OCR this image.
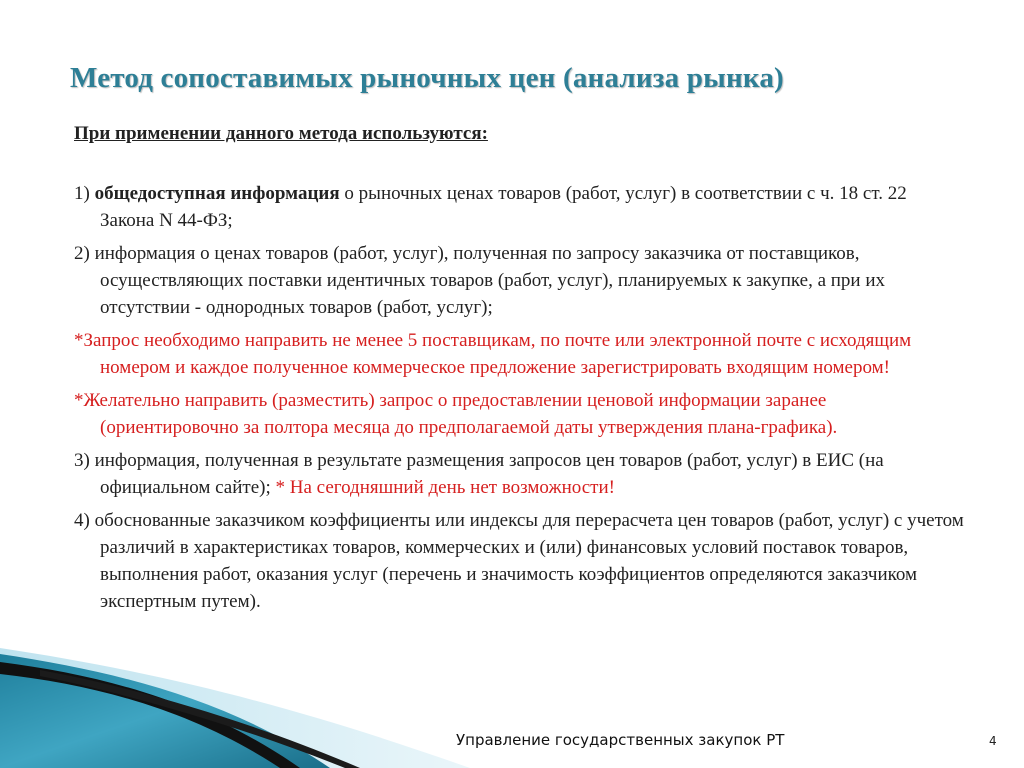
Метод сопоставимых рыночных цен (анализа рынка)
При применении данного метода используются:
1) общедоступная информация о рыночных ценах товаров (работ, услуг) в соответствии с ч. 18 ст. 22 Закона N 44-ФЗ;
2) информация о ценах товаров (работ, услуг), полученная по запросу заказчика от поставщиков, осуществляющих поставки идентичных товаров (работ, услуг), планируемых к закупке, а при их отсутствии - однородных товаров (работ, услуг);
*Запрос необходимо направить не менее 5 поставщикам, по почте или электронной почте с исходящим номером и каждое полученное коммерческое предложение зарегистрировать входящим номером!
*Желательно направить (разместить) запрос о предоставлении ценовой информации заранее (ориентировочно за полтора месяца до предполагаемой даты утверждения плана-графика).
3) информация, полученная в результате размещения запросов цен товаров (работ, услуг) в ЕИС (на официальном сайте); * На сегодняшний день нет возможности!
4) обоснованные заказчиком коэффициенты или индексы для перерасчета цен товаров (работ, услуг) с учетом различий в характеристиках товаров, коммерческих и (или) финансовых условий поставок товаров, выполнения работ, оказания услуг (перечень и значимость коэффициентов определяются заказчиком экспертным путем).
Управление государственных закупок РТ	4
